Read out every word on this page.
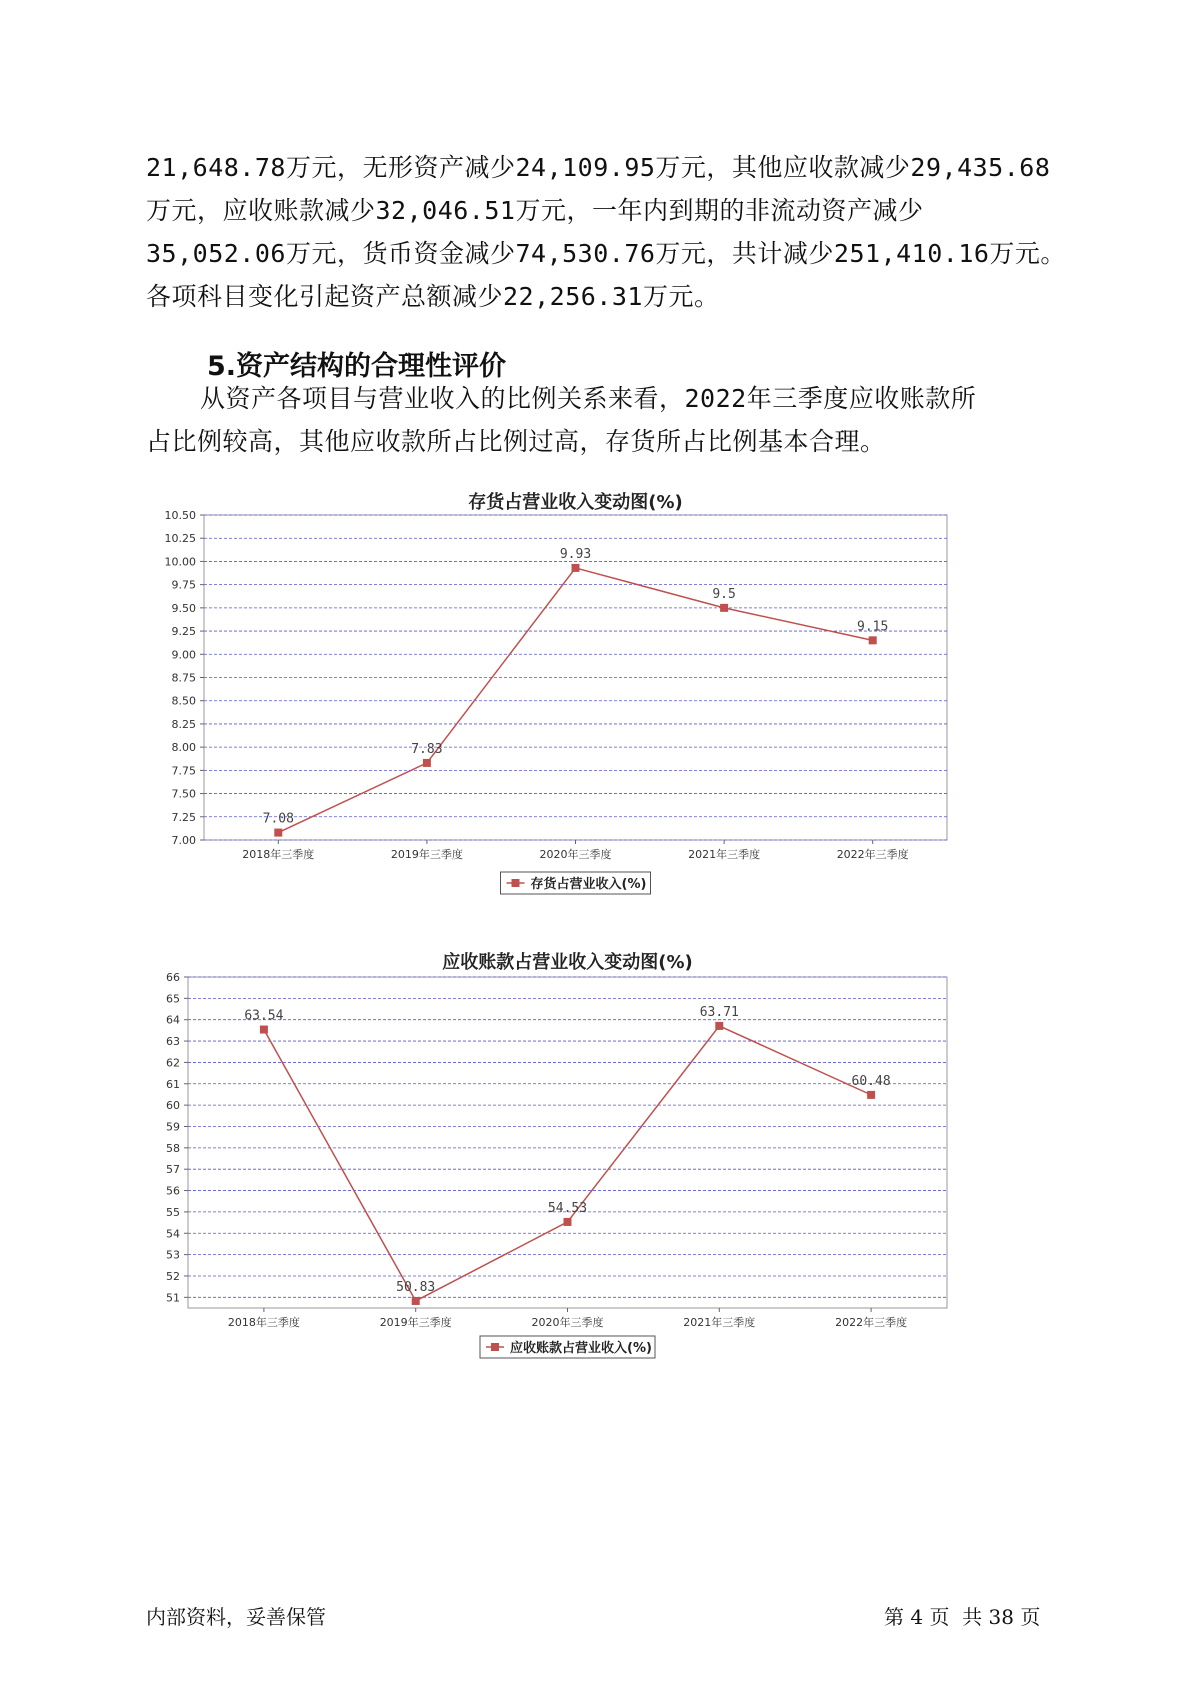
21,648.78万元，无形资产减少24,109.95万元，其他应收款减少29,435.68
万元，应收账款减少32,046.51万元，一年内到期的非流动资产减少
35,052.06万元，货币资金减少74,530.76万元，共计减少251,410.16万元。
各项科目变化引起资产总额减少22,256.31万元。
5.资产结构的合理性评价
从资产各项目与营业收入的比例关系来看，2022年三季度应收账款所
占比例较高，其他应收款所占比例过高，存货所占比例基本合理。
存货占营业收入变动图(%)
7.00
7.25
7.50
7.75
8.00
8.25
8.50
8.75
9.00
9.25
9.50
9.75
10.00
10.25
10.50
2018年三季度	2019年三季度	2020年三季度	2021年三季度	2022年三季度
7.08
7.83
9.93
9.5
9.15
存货占营业收入(%)
应收账款占营业收入变动图(%)
51
52
53
54
55
56
57
58
59
60
61
62
63
64
65
66
2018年三季度	2019年三季度	2020年三季度	2021年三季度	2022年三季度
63.54
50.83
54.53
63.71
60.48
应收账款占营业收入(%)
内部资料，妥善保管	第 4 页  共 38 页
